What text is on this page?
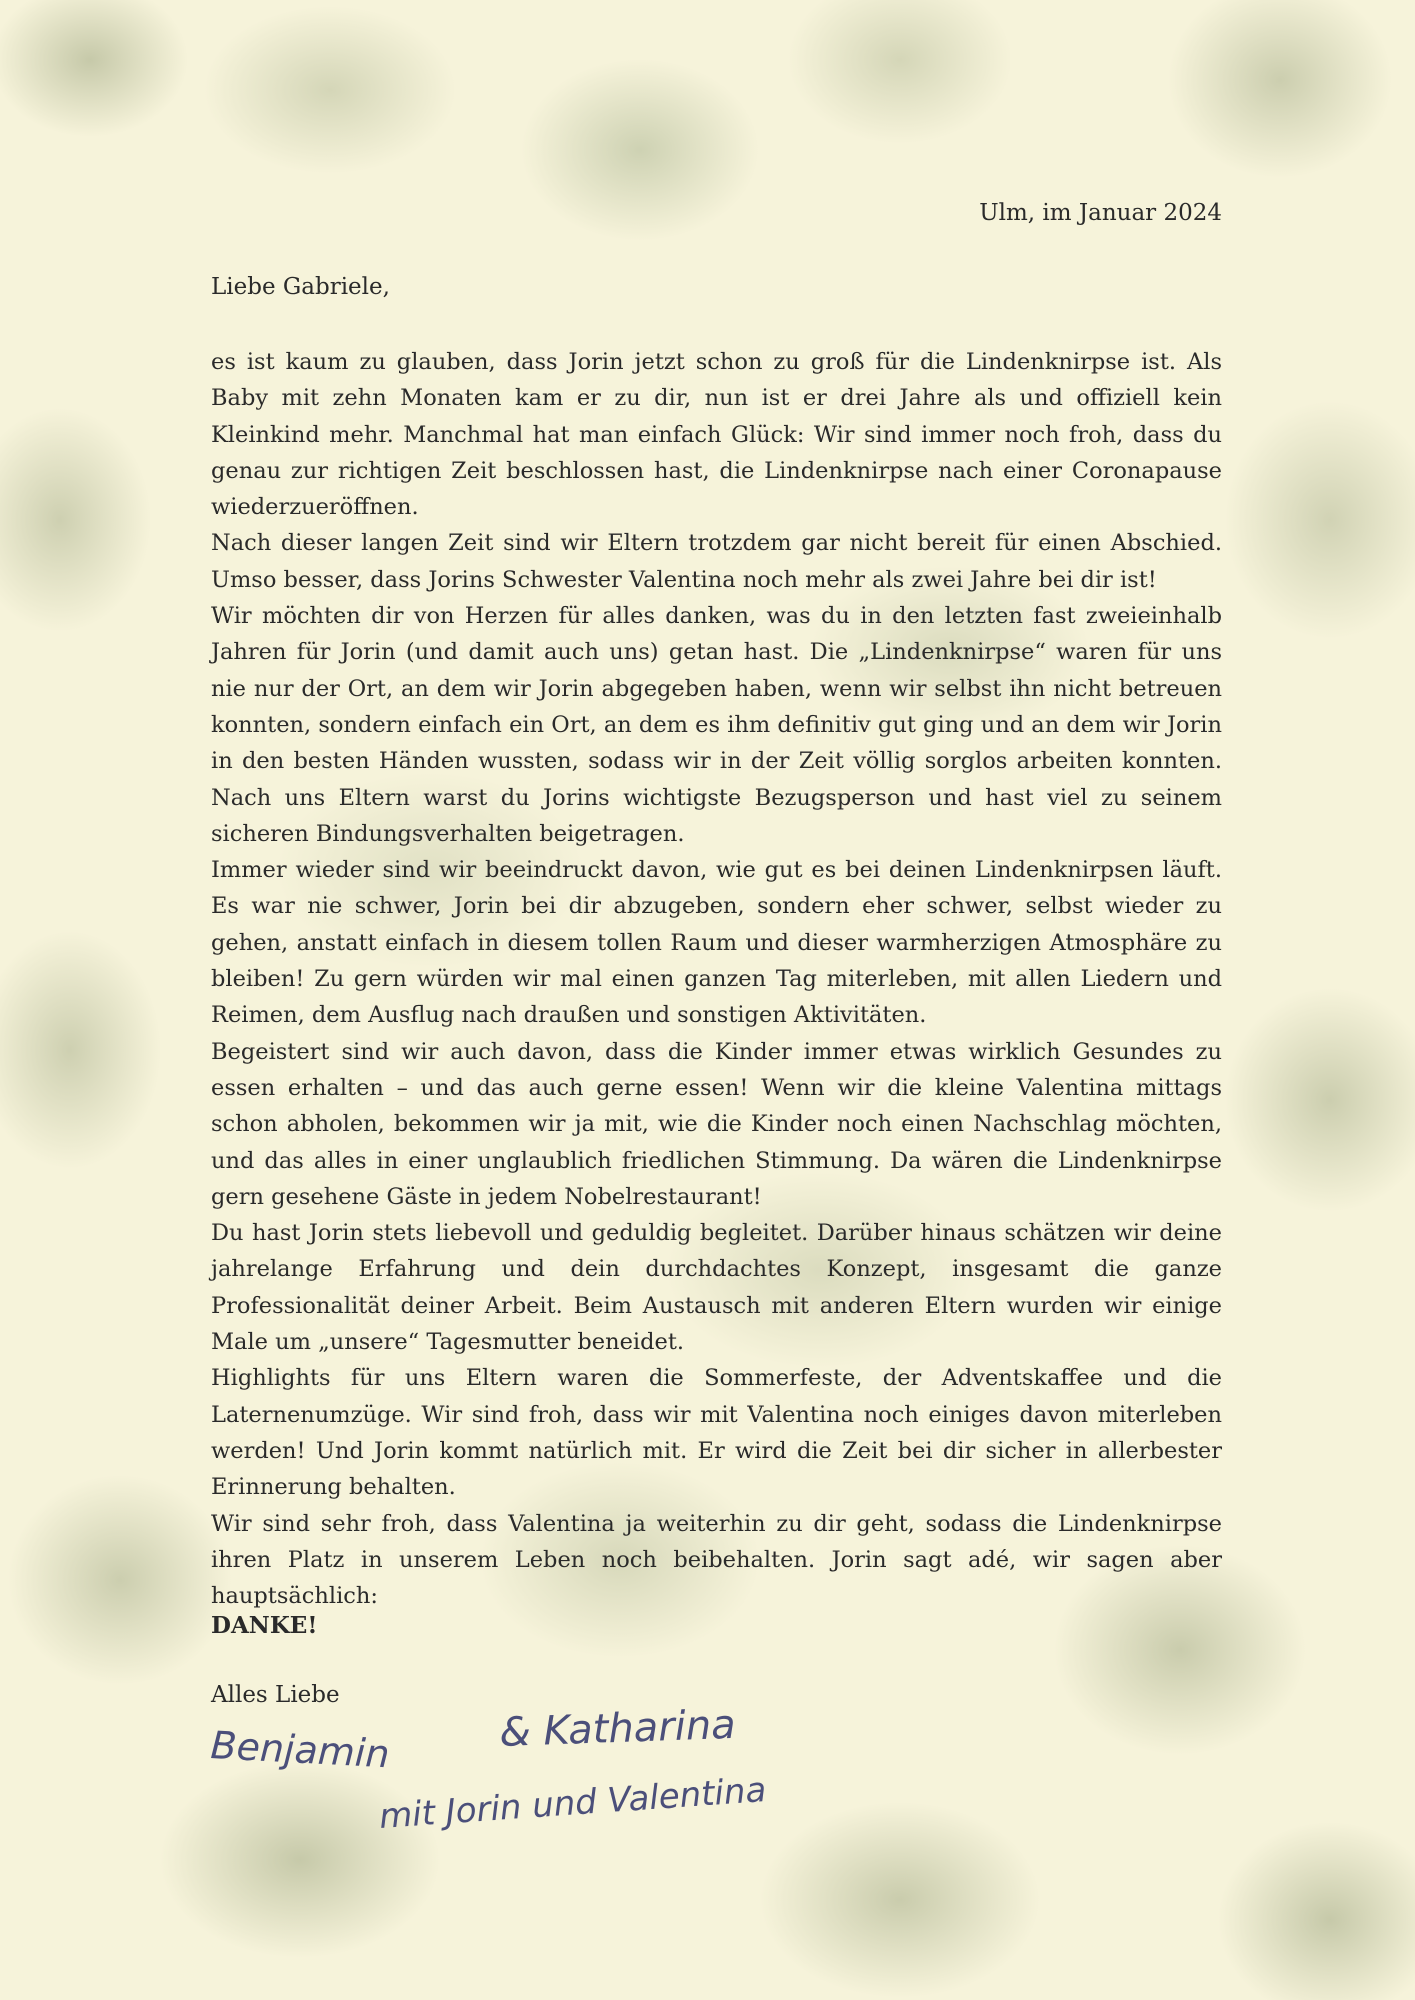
Ulm, im Januar 2024
Liebe Gabriele,

es ist kaum zu glauben, dass Jorin jetzt schon zu groß für die Lindenknirpse ist. Als Baby mit zehn Monaten kam er zu dir, nun ist er drei Jahre als und offiziell kein Kleinkind mehr. Manchmal hat man einfach Glück: Wir sind immer noch froh, dass du genau zur richtigen Zeit beschlossen hast, die Lindenknirpse nach einer Coronapause wiederzueröffnen.

Nach dieser langen Zeit sind wir Eltern trotzdem gar nicht bereit für einen Abschied. Umso besser, dass Jorins Schwester Valentina noch mehr als zwei Jahre bei dir ist!

Wir möchten dir von Herzen für alles danken, was du in den letzten fast zweieinhalb Jahren für Jorin (und damit auch uns) getan hast. Die „Lindenknirpse“ waren für uns nie nur der Ort, an dem wir Jorin abgegeben haben, wenn wir selbst ihn nicht betreuen konnten, sondern einfach ein Ort, an dem es ihm definitiv gut ging und an dem wir Jorin in den besten Händen wussten, sodass wir in der Zeit völlig sorglos arbeiten konnten. Nach uns Eltern warst du Jorins wichtigste Bezugsperson und hast viel zu seinem sicheren Bindungsverhalten beigetragen.

Immer wieder sind wir beeindruckt davon, wie gut es bei deinen Lindenknirpsen läuft. Es war nie schwer, Jorin bei dir abzugeben, sondern eher schwer, selbst wieder zu gehen, anstatt einfach in diesem tollen Raum und dieser warmherzigen Atmosphäre zu bleiben! Zu gern würden wir mal einen ganzen Tag miterleben, mit allen Liedern und Reimen, dem Ausflug nach draußen und sonstigen Aktivitäten.

Begeistert sind wir auch davon, dass die Kinder immer etwas wirklich Gesundes zu essen erhalten – und das auch gerne essen! Wenn wir die kleine Valentina mittags schon abholen, bekommen wir ja mit, wie die Kinder noch einen Nachschlag möchten, und das alles in einer unglaublich friedlichen Stimmung. Da wären die Lindenknirpse gern gesehene Gäste in jedem Nobelrestaurant!

Du hast Jorin stets liebevoll und geduldig begleitet. Darüber hinaus schätzen wir deine jahrelange Erfahrung und dein durchdachtes Konzept, insgesamt die ganze Professionalität deiner Arbeit. Beim Austausch mit anderen Eltern wurden wir einige Male um „unsere“ Tagesmutter beneidet.

Highlights für uns Eltern waren die Sommerfeste, der Adventskaffee und die Laternenumzüge. Wir sind froh, dass wir mit Valentina noch einiges davon miterleben werden! Und Jorin kommt natürlich mit. Er wird die Zeit bei dir sicher in allerbester Erinnerung behalten.

Wir sind sehr froh, dass Valentina ja weiterhin zu dir geht, sodass die Lindenknirpse ihren Platz in unserem Leben noch beibehalten. Jorin sagt adé, wir sagen aber hauptsächlich:

DANKE!
Alles Liebe
Benjamin	& Katharina
mit Jorin und Valentina
